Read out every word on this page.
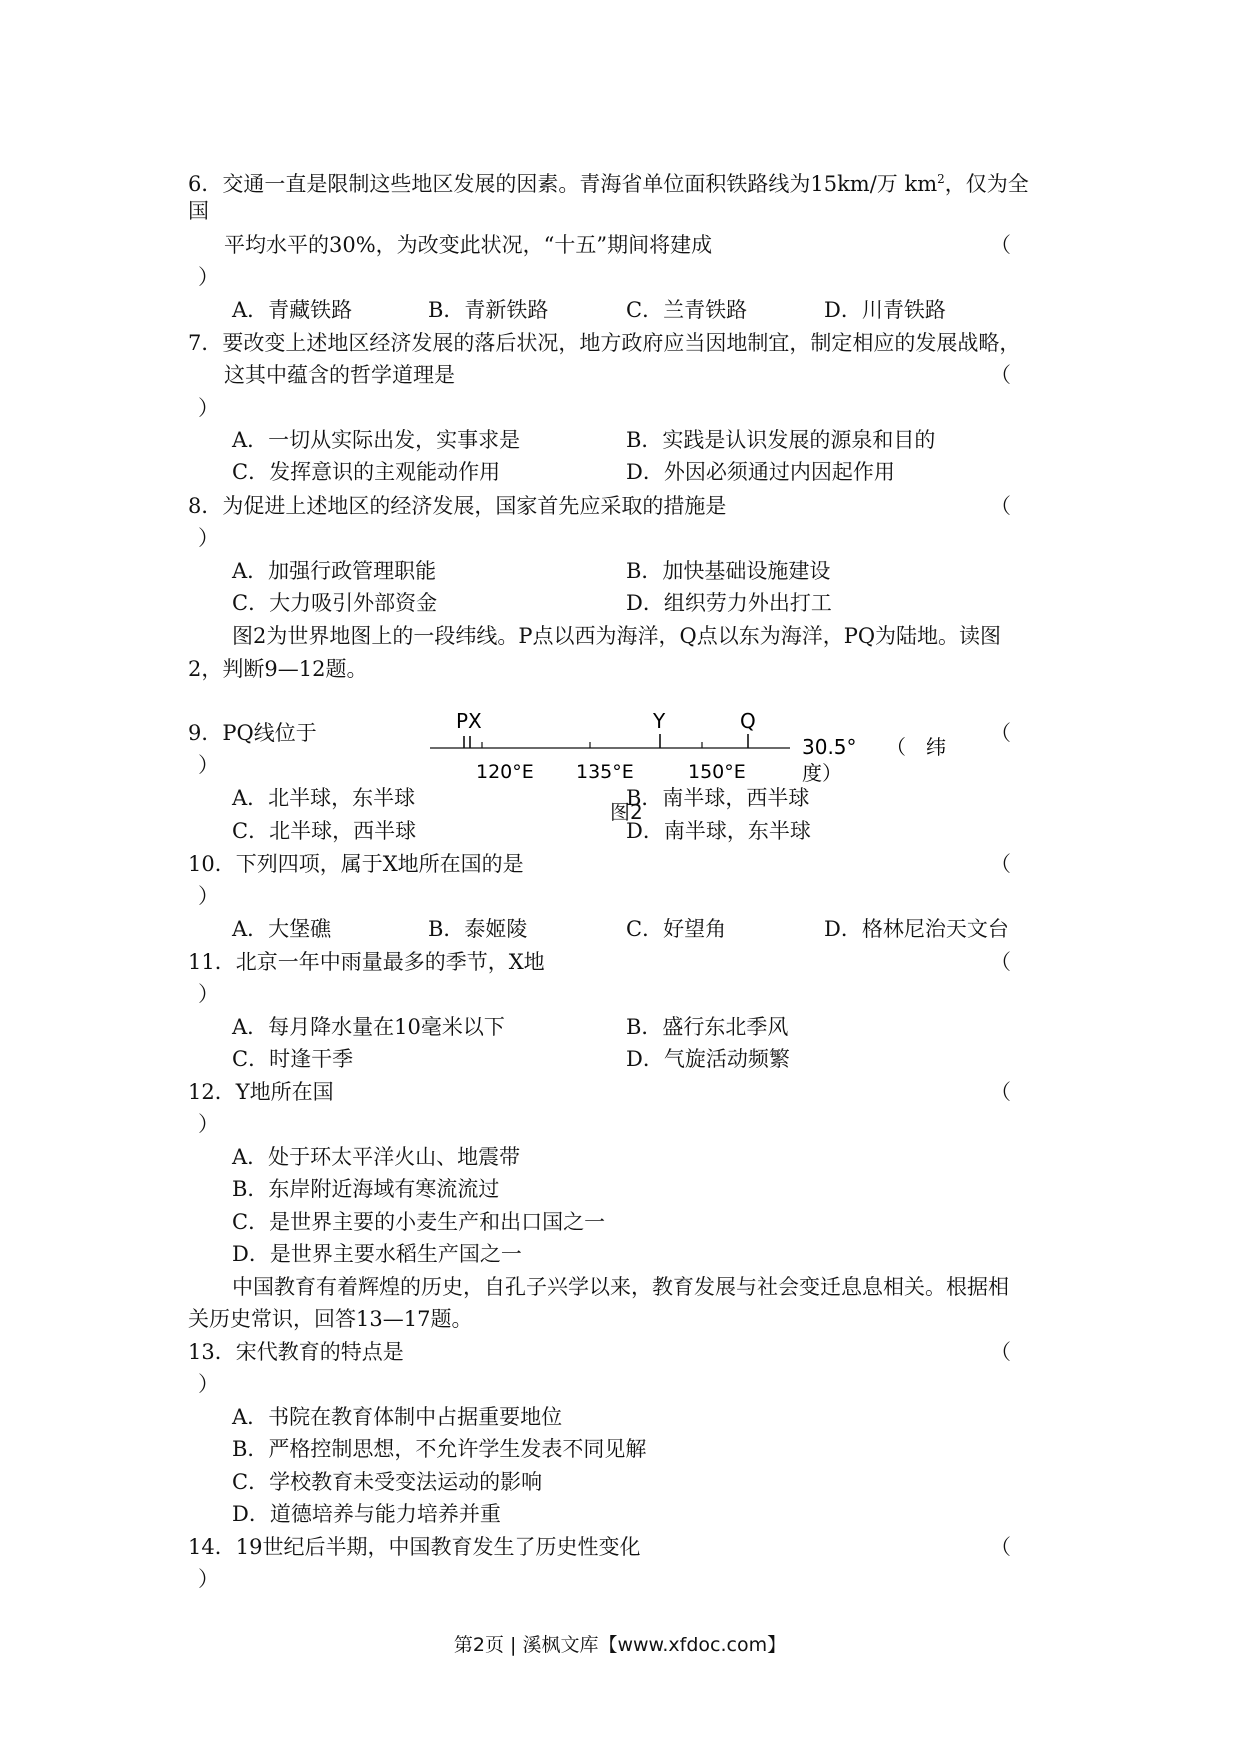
6．交通一直是限制这些地区发展的因素。青海省单位面积铁路线为15km/万 $km^2$，仅为全
国
平均水平的30%，为改变此状况，“十五”期间将建成	（
）
A．青藏铁路	B．青新铁路	C．兰青铁路	D．川青铁路
7．要改变上述地区经济发展的落后状况，地方政府应当因地制宜，制定相应的发展战略，
这其中蕴含的哲学道理是	（
）
A．一切从实际出发，实事求是	B．实践是认识发展的源泉和目的
C．发挥意识的主观能动作用	D．外因必须通过内因起作用
8．为促进上述地区的经济发展，国家首先应采取的措施是	（
）
A．加强行政管理职能	B．加快基础设施建设
C．大力吸引外部资金	D．组织劳力外出打工
图2为世界地图上的一段纬线。P点以西为海洋，Q点以东为海洋，PQ为陆地。读图
2，判断9—12题。
9．PQ线位于	（
）
PX	Y	Q
120°E 135°E	150°E
30.5° （　纬
度）
图2
A．北半球，东半球	B．南半球，西半球
C．北半球，西半球	D．南半球，东半球
10．下列四项，属于X地所在国的是	（
）
A．大堡礁	B．泰姬陵	C．好望角	D．格林尼治天文台
11．北京一年中雨量最多的季节，X地	（
）
A．每月降水量在10毫米以下	B．盛行东北季风
C．时逢干季	D．气旋活动频繁
12．Y地所在国	（
）
A．处于环太平洋火山、地震带
B．东岸附近海域有寒流流过
C．是世界主要的小麦生产和出口国之一
D．是世界主要水稻生产国之一
中国教育有着辉煌的历史，自孔子兴学以来，教育发展与社会变迁息息相关。根据相
关历史常识，回答13—17题。
13．宋代教育的特点是	（
）
A．书院在教育体制中占据重要地位
B．严格控制思想，不允许学生发表不同见解
C．学校教育未受变法运动的影响
D．道德培养与能力培养并重
14．19世纪后半期，中国教育发生了历史性变化	（
）
第2页 | 溪枫文库【www.xfdoc.com】
